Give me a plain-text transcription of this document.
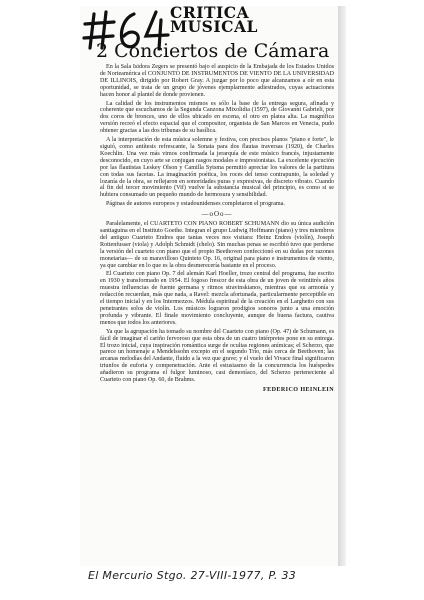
CRITICA
MUSICAL
2 Conciertos de Cámara

En la Sala Isidora Zegers se presentó bajo el auspicio de la Embajada de los Estados Unidos de Norteamérica el CONJUNTO DE INSTRUMENTOS DE VIENTO DE LA UNIVERSIDAD DE ILLINOIS, dirigido por Robert Gray. A juzgar por lo poco que alcanzamos a oír en esta oportunidad, se trata de un grupo de jóvenes ejemplarmente adiestrados, cuyas actuaciones hacen honor al plantel de donde provienen.

La calidad de los instrumentos mismos es sólo la base de la entrega segura, afinada y coherente que escuchamos de la Segunda Canzona Mixolidia (1597), de Giovanni Gabrieli, por dos coros de bronces, uno de ellos ubicado en escena, el otro en platea alta. La magnífica versión recreó el efecto espacial que el compositor, organista de San Marcos en Venecia, pudo obtener gracias a las dos tribunas de su basílica.

A la interpretación de esta música solemne y festiva, con precisos planos "piano e forte", le siguió, como antítesis refrescante, la Sonata para dos flautas traversas (1920), de Charles Koechlin. Una vez más vimos confirmada la jerarquía de este músico francés, injustamente desconocido, en cuyo arte se conjugan rasgos modales e impresionistas. La excelente ejecución por las flautistas Leskey Olson y Camilla Sytsma permitió apreciar los valores de la partitura con todas sus facetas. La imaginación poética, los roces del tenso contrapunto, la soledad y lozanía de la obra, se reflejaron en sonoridades puras y expresivas, de discreto vibrato. Cuando al fin del tercer movimiento (Vif) vuelve la substancia musical del principio, es como si se hubiera consumado un pequeño mundo de hermosura y sensibilidad.

Páginas de autores europeos y estadounidenses completaron el programa.

—oOo—

Paralelamente, el CUARTETO CON PIANO ROBERT SCHUMANN dio su única audición santiaguina en el Instituto Goethe. Integran el grupo Ludwig Hoffmann (piano) y tres miembros del antiguo Cuarteto Endres que tantas veces nos visitara: Heinz Endres (violín), Joseph Rottenfusser (viola) y Adolph Schmidt (chelo). Sin muchas penas se escribió tuvo que perderse la versión del cuarteto con piano que el propio Beethoven confeccionó en su dudas por razones monetarias— de su maravilloso Quinteto Op. 16, original para piano e instrumentos de viento, ya que cambiar en lo que es la obra desmerecería bastante en el proceso.

El Cuarteto con piano Op. 7 del alemán Karl Hoeller, trozo central del programa, fue escrito en 1930 y transformado en 1954. El fogoso frescor de esta obra de un joven de veintitrés años muestra influencias de fuente germana y ritmos stravinskianos, mientras que su armonía y redacción recuerdan, más que nada, a Ravel: mezcla afortunada, particularmente perceptible en el tiempo inicial y en los Intermezzos. Médula espiritual de la creación en el Larghetto con sus penetrantes solos de violín. Los músicos lograron prodigios sonoros junto a una emoción profunda y vibrante. El finale movimiento concluyente, aunque de buena factura, cautiva menos que todos los anteriores.

Ya que la agrupación ha tomado su nombre del Cuarteto con piano (Op. 47) de Schumann, es fácil de imaginar el cariño fervoroso que esta obra de un cuatro intérpretes pone en su entrega. El trozo inicial, cuya inspiración romántica surge de ocultas regiones anímicas; el Scherzo, que parece un homenaje a Mendelssohn excepto en el segundo Trío, más cerca de Beethoven; las arcanas melodías del Andante, fluido a la vez que grave; y el vuelo del Vivace final significaron triunfos de euforia y compenetración. Ante el estusiasmo de la concurrencia los huéspedes añadieron su programa el fulgor luminoso, casi demoníaco, del Scherzo perteneciente al Cuarteto con piano Op. 60, de Brahms.

FEDERICO HEINLEIN

El Mercurio Stgo. 27-VIII-1977, P. 33
